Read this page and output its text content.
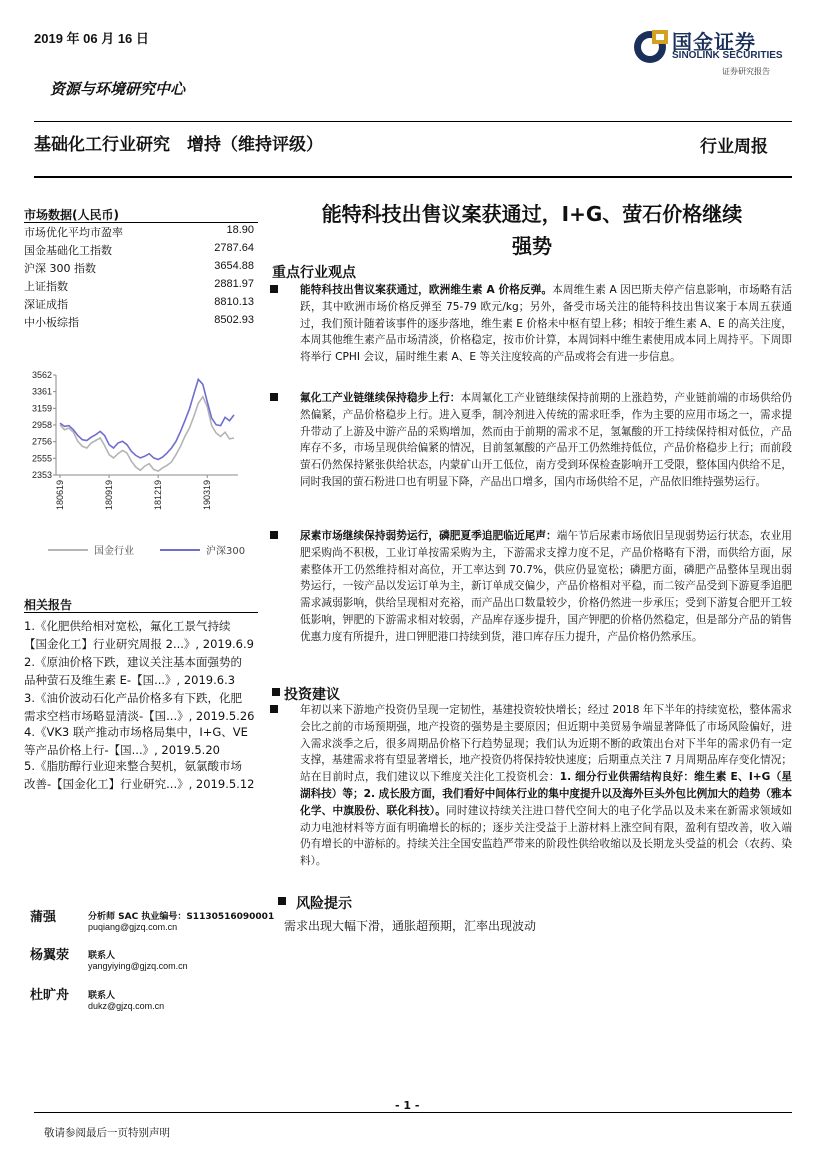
2019 年 06 月 16 日	国金证券
SINOLINK SECURITIES
证券研究报告
资源与环境研究中心
基础化工行业研究　增持（维持评级）	行业周报
市场数据(人民币)
市场优化平均市盈率	18.90
国金基础化工指数	2787.64
沪深 300 指数	3654.88
上证指数	2881.97
深证成指	8810.13
中小板综指	8502.93
3562
3361
3159
2958
2756
2555
2353
180619	180919	181219	190319
国金行业	沪深300
相关报告
1.《化肥供给相对宽松，氟化工景气持续
【国金化工】行业研究周报 2...》, 2019.6.9
2.《原油价格下跌，建议关注基本面强势的
品种萤石及维生素 E-【国...》, 2019.6.3
3.《油价波动石化产品价格多有下跌，化肥
需求空档市场略显清淡-【国...》, 2019.5.26
4.《VK3 联产推动市场格局集中，I+G、VE
等产品价格上行-【国...》, 2019.5.20
5.《脂肪醇行业迎来整合契机，氨氯酸市场
改善-【国金化工】行业研究...》, 2019.5.12
蒲强	分析师 SAC 执业编号：S1130516090001
puqiang@gjzq.com.cn
杨翼荥 联系人
yangyiying@gjzq.com.cn
杜旷舟 联系人
dukz@gjzq.com.cn
能特科技出售议案获通过，I+G、萤石价格继续
强势
重点行业观点
能特科技出售议案获通过，欧洲维生素 A 价格反弹。本周维生素 A 因巴斯夫停产信息影响，市场略有活跃，其中欧洲市场价格反弹至 75-79 欧元/kg；另外，备受市场关注的能特科技出售议案于本周五获通过，我们预计随着该事件的逐步落地，维生素 E 价格未中枢有望上移；相较于维生素 A、E 的高关注度，本周其他维生素产品市场清淡，价格稳定，按市价计算，本周饲料中维生素使用成本同上周持平。下周即将举行 CPHI 会议，届时维生素 A、E 等关注度较高的产品或将会有进一步信息。
氟化工产业链继续保持稳步上行：本周氟化工产业链继续保持前期的上涨趋势，产业链前端的市场供给仍然偏紧，产品价格稳步上行。进入夏季，制冷剂进入传统的需求旺季，作为主要的应用市场之一，需求提升带动了上游及中游产品的采购增加，然而由于前期的需求不足，氢氟酸的开工持续保持相对低位，产品库存不多，市场呈现供给偏紧的情况，目前氢氟酸的产品开工仍然维持低位，产品价格稳步上行；而前段萤石仍然保持紧张供给状态，内蒙矿山开工低位，南方受到环保检查影响开工受限，整体国内供给不足，同时我国的萤石粉进口也有明显下降，产品出口增多，国内市场供给不足，产品依旧维持强势运行。
尿素市场继续保持弱势运行，磷肥夏季追肥临近尾声：端午节后尿素市场依旧呈现弱势运行状态，农业用肥采购尚不积极，工业订单按需采购为主，下游需求支撑力度不足，产品价格略有下滑，而供给方面，尿素整体开工仍然维持相对高位，开工率达到 70.7%，供应仍显宽松；磷肥方面，磷肥产品整体呈现出弱势运行，一铵产品以发运订单为主，新订单成交偏少，产品价格相对平稳，而二铵产品受到下游夏季追肥需求减弱影响，供给呈现相对充裕，而产品出口数量较少，价格仍然进一步承压；受到下游复合肥开工较低影响，钾肥的下游需求相对较弱，产品库存逐步提升，国产钾肥的价格仍然稳定，但是部分产品的销售优惠力度有所提升，进口钾肥港口持续到货，港口库存压力提升，产品价格仍然承压。
投资建议
年初以来下游地产投资仍呈现一定韧性，基建投资较快增长；经过 2018 年下半年的持续宽松，整体需求会比之前的市场预期强，地产投资的强势是主要原因；但近期中美贸易争端显著降低了市场风险偏好，进入需求淡季之后，很多周期品价格下行趋势显现；我们认为近期不断的政策出台对下半年的需求仍有一定支撑，基建需求将有望显著增长，地产投资仍将保持较快速度；后期重点关注 7 月周期品库存变化情况；站在目前时点，我们建议以下维度关注化工投资机会：1. 细分行业供需结构良好：维生素 E、I+G（星湖科技）等；2. 成长股方面，我们看好中间体行业的集中度提升以及海外巨头外包比例加大的趋势（雅本化学、中旗股份、联化科技）。同时建议持续关注进口替代空间大的电子化学品以及未来在新需求领域如动力电池材料等方面有明确增长的标的；逐步关注受益于上游材料上涨空间有限，盈利有望改善，收入端仍有增长的中游标的。持续关注全国安监趋严带来的阶段性供给收缩以及长期龙头受益的机会（农药、染料）。
风险提示
需求出现大幅下滑，通胀超预期，汇率出现波动
- 1 -
敬请参阅最后一页特别声明
